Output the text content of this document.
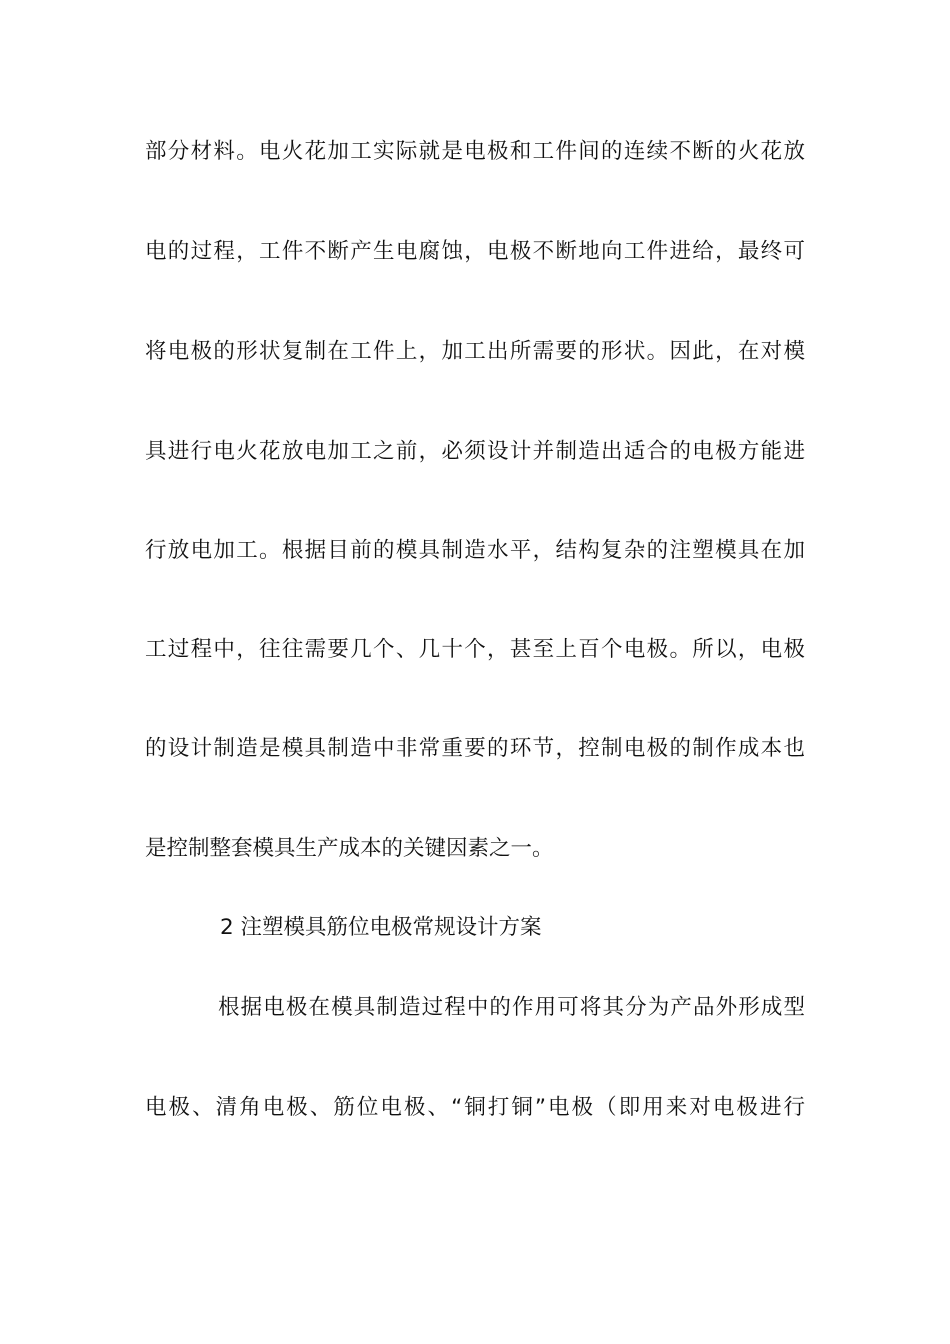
部分材料。电火花加工实际就是电极和工件间的连续不断的火花放
电的过程，工件不断产生电腐蚀，电极不断地向工件进给，最终可
将电极的形状复制在工件上，加工出所需要的形状。因此，在对模
具进行电火花放电加工之前，必须设计并制造出适合的电极方能进
行放电加工。根据目前的模具制造水平，结构复杂的注塑模具在加
工过程中，往往需要几个、几十个，甚至上百个电极。所以，电极
的设计制造是模具制造中非常重要的环节，控制电极的制作成本也
是控制整套模具生产成本的关键因素之一。
2 注塑模具筋位电极常规设计方案
根据电极在模具制造过程中的作用可将其分为产品外形成型
电极、清角电极、筋位电极、“铜打铜”电极（即用来对电极进行
